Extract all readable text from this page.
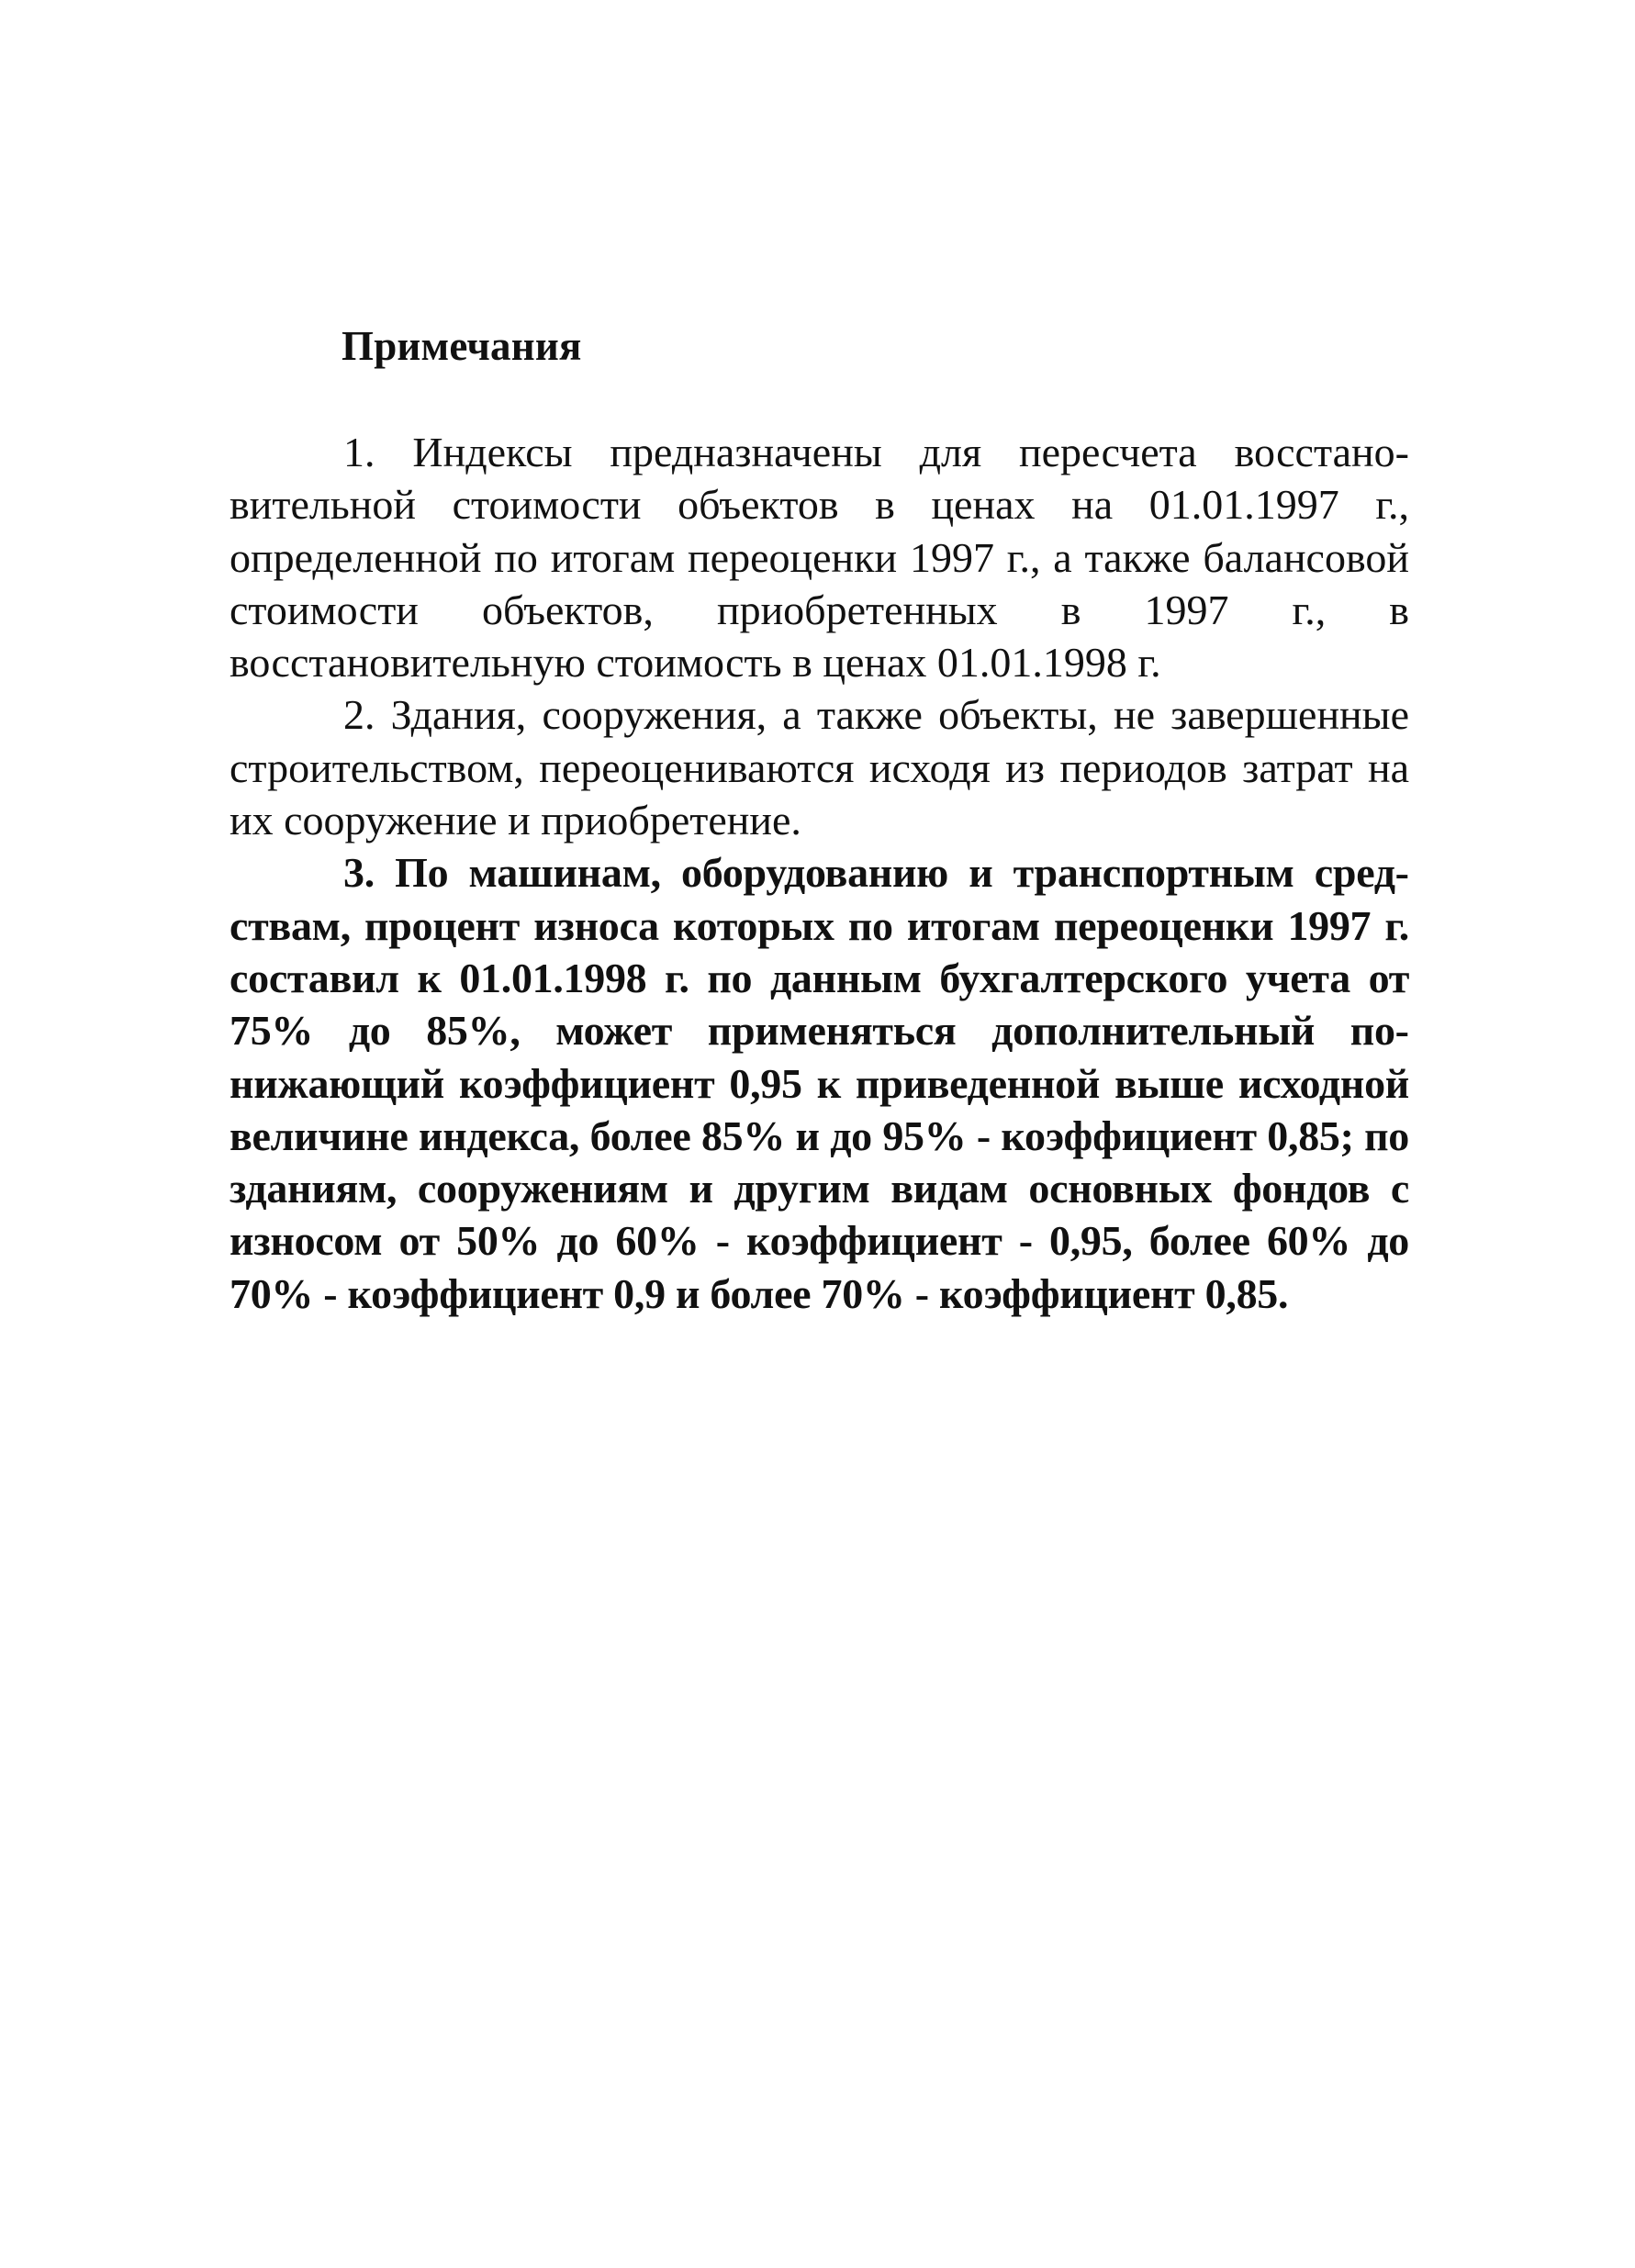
Примечания

1. Индексы предназначены для пересчета восстановительной стоимости объектов в ценах на 01.01.1997 г., определенной по итогам переоценки 1997 г., а также балансовой стоимости объектов, приобретенных в 1997 г., в восстановительную стоимость в ценах 01.01.1998 г.

2. Здания, сооружения, а также объекты, не завершенные строительством, переоцениваются исходя из периодов затрат на их сооружение и приобретение.

3. По машинам, оборудованию и транспортным средствам, процент износа которых по итогам переоценки 1997 г. составил к 01.01.1998 г. по данным бухгалтерского учета от 75% до 85%, может применяться дополнительный понижающий коэффициент 0,95 к приведенной выше исходной величине индекса, более 85% и до 95% - коэффициент 0,85; по зданиям, сооружениям и другим видам основных фондов с износом от 50% до 60% - коэффициент - 0,95, более 60% до 70% - коэффициент 0,9 и более 70% - коэффициент 0,85.
